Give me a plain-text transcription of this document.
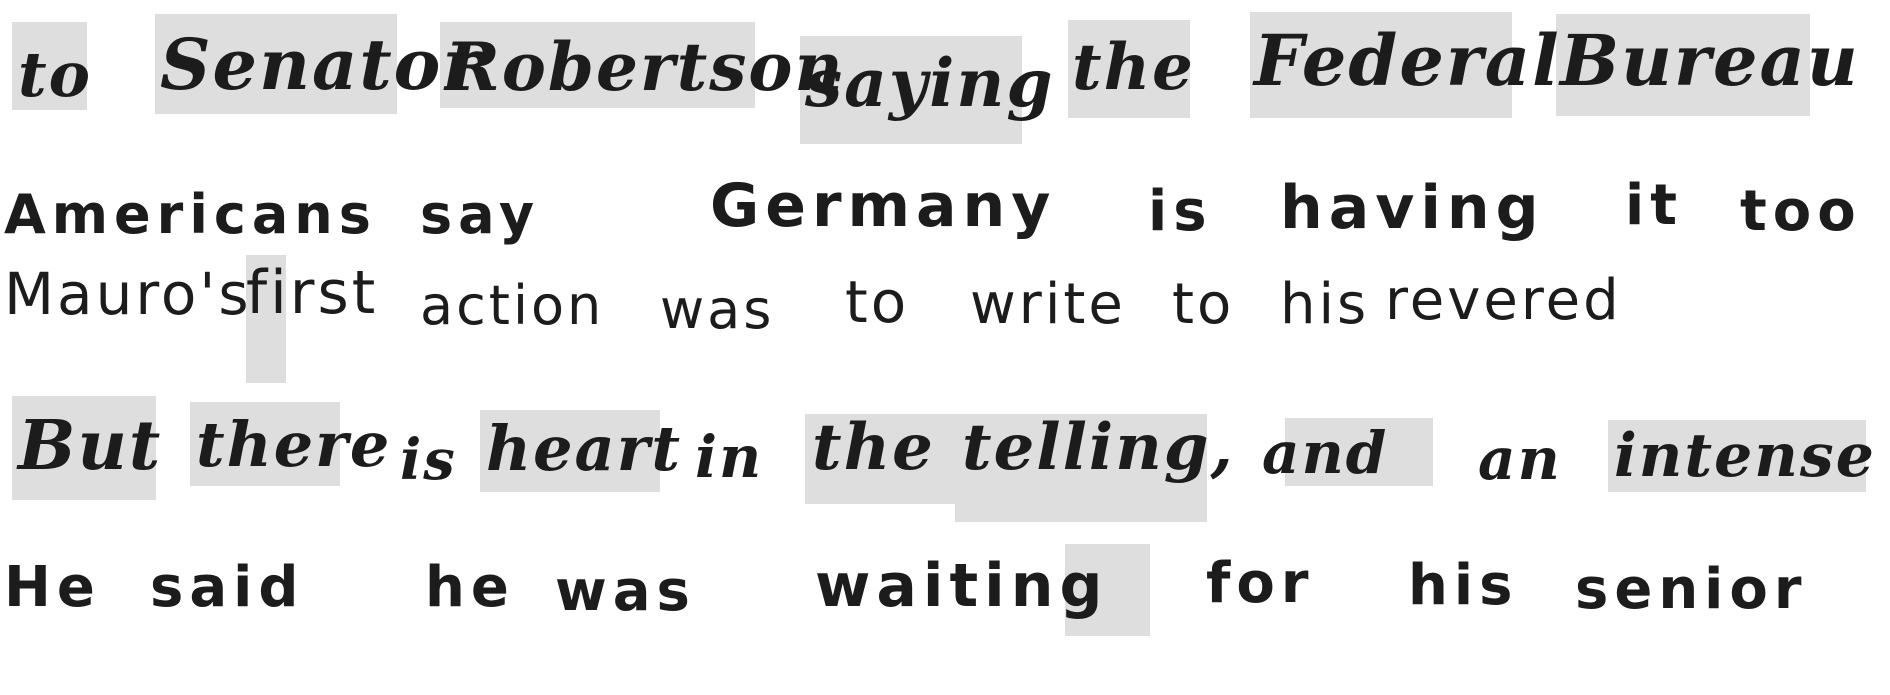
to Senator
Robertson
saying the Federal Bureau
Americans say	Germany is having it too
Mauro's
first action was to write to his revered
But there is heart in the telling, and an intense
He said he was waiting for his senior
